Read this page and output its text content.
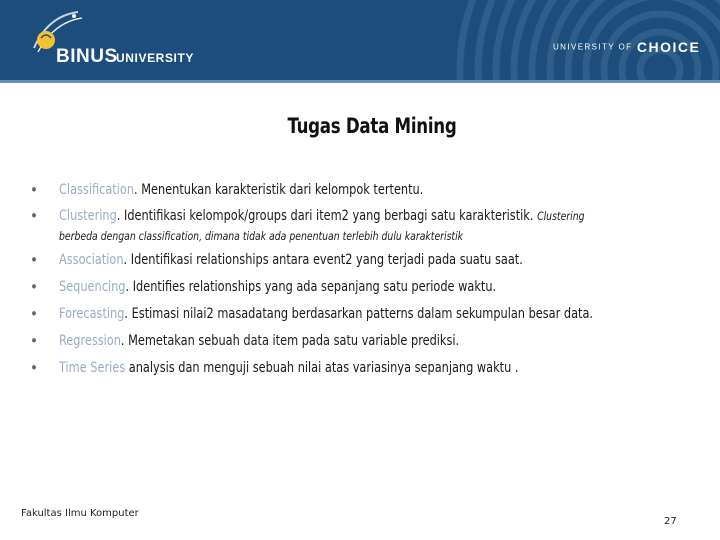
BINUS
UNIVERSITY
UNIVERSITY OF CHOICE
Tugas Data Mining
• Classification. Menentukan karakteristik dari kelompok tertentu.
• Clustering. Identifikasi kelompok/groups dari item2 yang berbagi satu karakteristik. Clustering
berbeda dengan classification, dimana tidak ada penentuan terlebih dulu karakteristik
• Association. Identifikasi relationships antara event2 yang terjadi pada suatu saat.
• Sequencing. Identifies relationships yang ada sepanjang satu periode waktu.
• Forecasting. Estimasi nilai2 masadatang berdasarkan patterns dalam sekumpulan besar data.
• Regression. Memetakan sebuah data item pada satu variable prediksi.
• Time Series analysis dan menguji sebuah nilai atas variasinya sepanjang waktu .
Fakultas Ilmu Komputer
27
